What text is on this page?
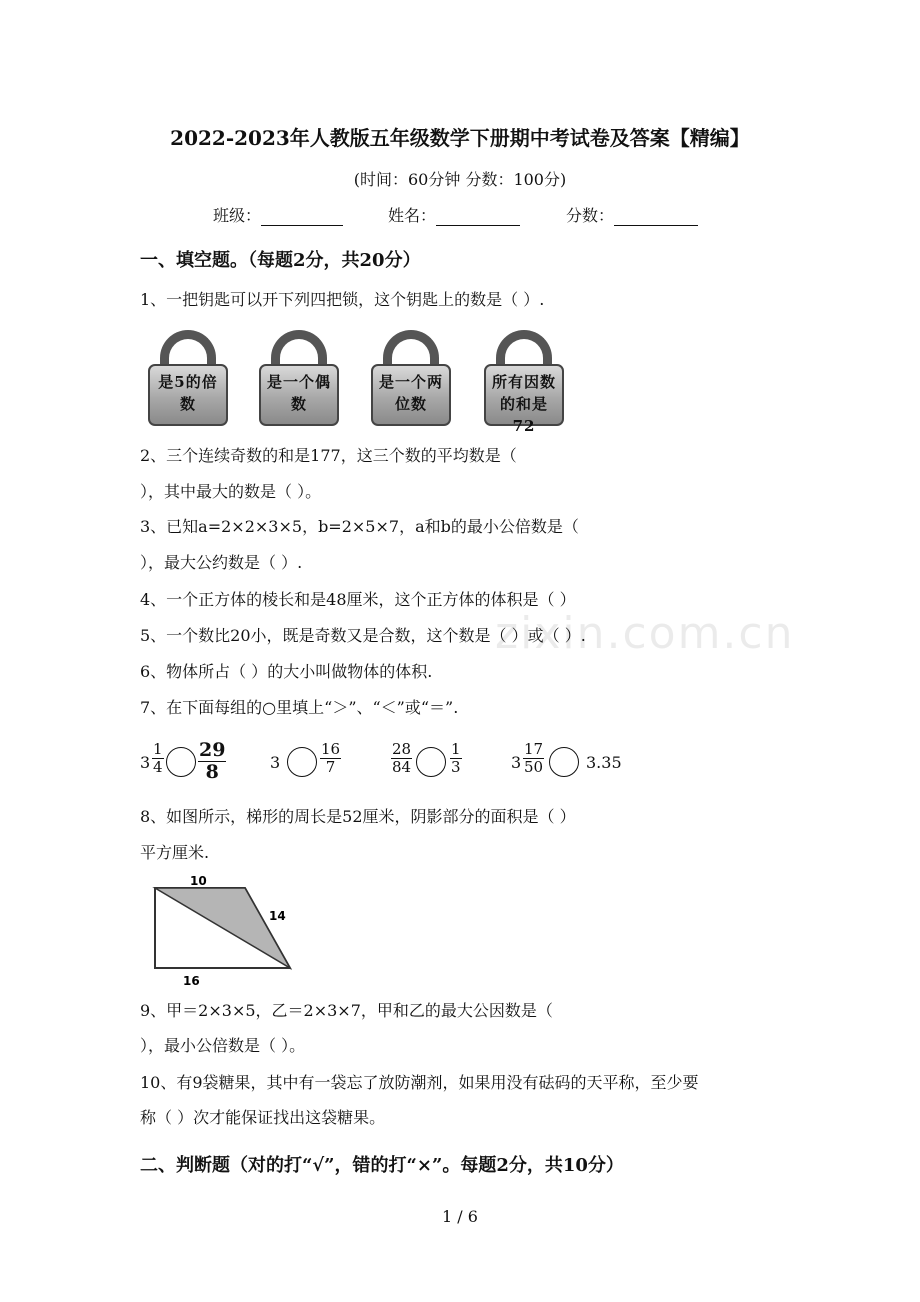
2022-2023年人教版五年级数学下册期中考试卷及答案【精编】
(时间：60分钟 分数：100分)
班级：	姓名：	分数：
一、填空题。（每题2分，共20分）
1、一把钥匙可以开下列四把锁，这个钥匙上的数是（ ）.
是5的倍数
是一个偶数
是一个两位数
所有因数的和是72
2、三个连续奇数的和是177，这三个数的平均数是（
），其中最大的数是（ ）。
3、已知a=2×2×3×5，b=2×5×7，a和b的最小公倍数是（
），最大公约数是（ ）.
4、一个正方体的棱长和是48厘米，这个正方体的体积是（ ）
5、一个数比20小，既是奇数又是合数，这个数是（ ）或（ ）.
6、物体所占（ ）的大小叫做物体的体积.
7、在下面每组的○里填上“＞”、“＜”或“＝”.
$3 \frac{1}{4} \frac{29}{8}$	3	$\frac{16}{7}$	$\frac{28}{84}$	$\frac{1}{3}$	$3 \frac{17}{50}$	3.35
8、如图所示，梯形的周长是52厘米，阴影部分的面积是（ ）
平方厘米.
10
14
16
9、甲＝2×3×5，乙＝2×3×7，甲和乙的最大公因数是（
），最小公倍数是（ ）。
10、有9袋糖果，其中有一袋忘了放防潮剂，如果用没有砝码的天平称，至少要
称（ ）次才能保证找出这袋糖果。
二、判断题（对的打“√”，错的打“×”。每题2分，共10分）
zixin.com.cn
1 / 6
